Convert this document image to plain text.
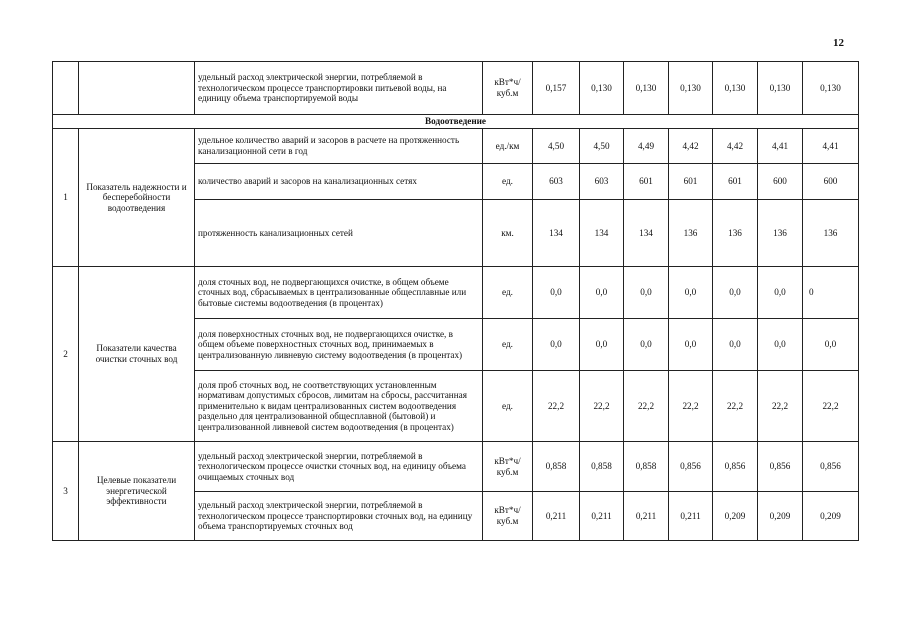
12
		удельный расход электрической энергии, потребляемой в технологическом процессе транспортировки питьевой воды, на единицу объема транспортируемой воды	кВт*ч/куб.м	0,157	0,130	0,130	0,130	0,130	0,130	0,130
Водоотведение										
1	Показатель надежности и бесперебойности водоотведения	удельное количество аварий и засоров в расчете на протяженность канализационной сети в год	ед./км	4,50	4,50	4,49	4,42	4,42	4,41	4,41
		количество аварий и засоров на канализационных сетях	ед.	603	603	601	601	601	600	600
		протяженность канализационных сетей	км.	134	134	134	136	136	136	136
2	Показатели качества очистки сточных вод	доля сточных вод, не подвергающихся очистке, в общем объеме сточных вод, сбрасываемых в централизованные общесплавные или бытовые системы водоотведения (в процентах)	ед.	0,0	0,0	0,0	0,0	0,0	0,0	0
		доля поверхностных сточных вод, не подвергающихся очистке, в общем объеме поверхностных сточных вод, принимаемых в централизованную ливневую систему водоотведения (в процентах)	ед.	0,0	0,0	0,0	0,0	0,0	0,0	0,0
		доля проб сточных вод, не соответствующих установленным нормативам допустимых сбросов, лимитам на сбросы, рассчитанная применительно к видам централизованных систем водоотведения раздельно для централизованной общесплавной (бытовой) и централизованной ливневой систем водоотведения (в процентах)	ед.	22,2	22,2	22,2	22,2	22,2	22,2	22,2
3	Целевые показатели энергетической эффективности	удельный расход электрической энергии, потребляемой в технологическом процессе очистки сточных вод, на единицу объема очищаемых сточных вод	кВт*ч/куб.м	0,858	0,858	0,858	0,856	0,856	0,856	0,856
		удельный расход электрической энергии, потребляемой в технологическом процессе транспортировки сточных вод, на единицу объема транспортируемых сточных вод	кВт*ч/куб.м	0,211	0,211	0,211	0,211	0,209	0,209	0,209
